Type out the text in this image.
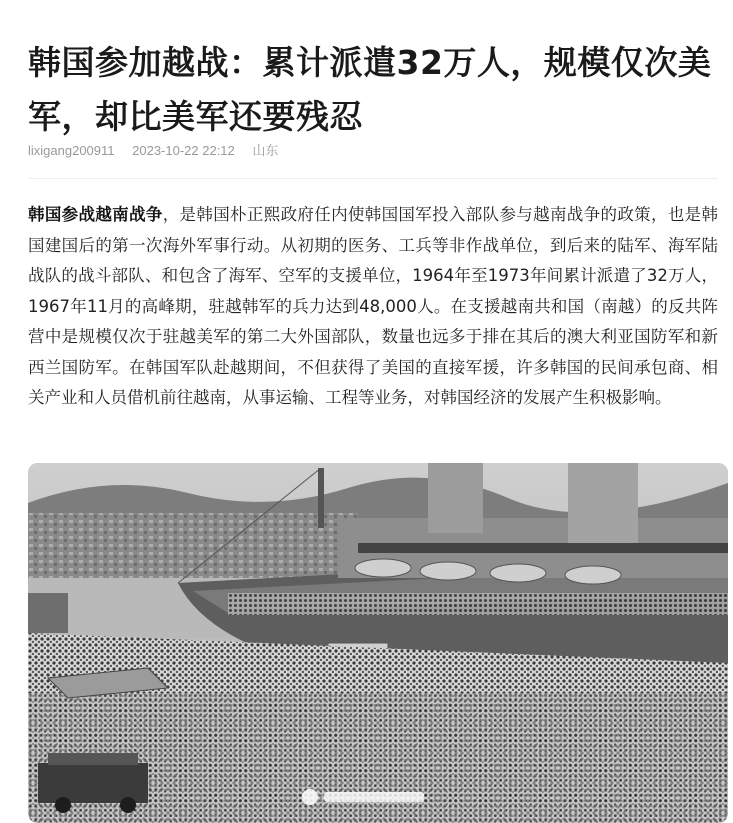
韩国参加越战：累计派遣32万人，规模仅次美军，却比美军还要残忍
lixigang200911 2023-10-22 22:12 山东

韩国参战越南战争，是韩国朴正熙政府任内使韩国国军投入部队参与越南战争的政策，也是韩国建国后的第一次海外军事行动。从初期的医务、工兵等非作战单位，到后来的陆军、海军陆战队的战斗部队、和包含了海军、空军的支援单位，1964年至1973年间累计派遣了32万人，1967年11月的高峰期，驻越韩军的兵力达到48,000人。在支援越南共和国（南越）的反共阵营中是规模仅次于驻越美军的第二大外国部队，数量也远多于排在其后的澳大利亚国防军和新西兰国防军。在韩国军队赴越期间，不但获得了美国的直接军援，许多韩国的民间承包商、相关产业和人员借机前往越南，从事运输、工程等业务，对韩国经济的发展产生积极影响。
